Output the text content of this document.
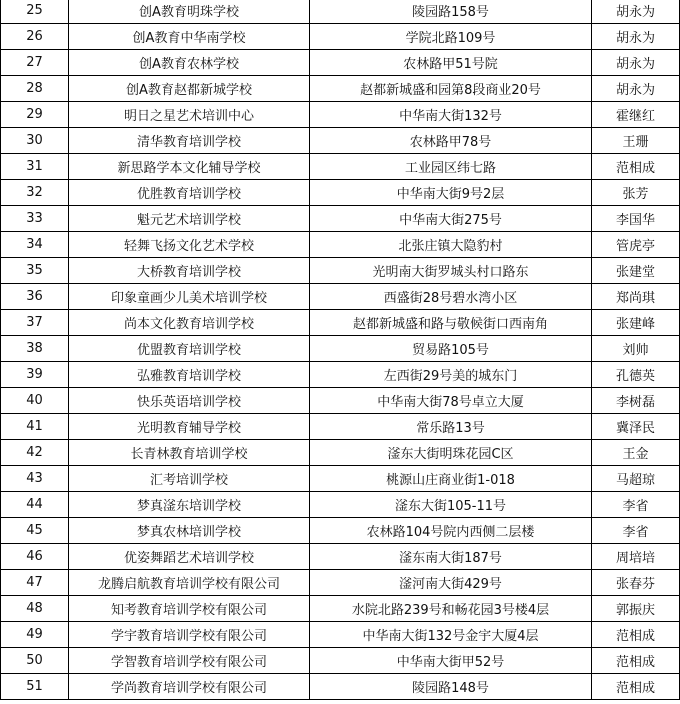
25	创A教育明珠学校	陵园路158号	胡永为
26	创A教育中华南学校	学院北路109号	胡永为
27	创A教育农林学校	农林路甲51号院	胡永为
28	创A教育赵都新城学校	赵都新城盛和园第8段商业20号	胡永为
29	明日之星艺术培训中心	中华南大街132号	霍继红
30	清华教育培训学校	农林路甲78号	王珊
31	新思路学本文化辅导学校	工业园区纬七路	范相成
32	优胜教育培训学校	中华南大街9号2层	张芳
33	魁元艺术培训学校	中华南大街275号	李国华
34	轻舞飞扬文化艺术学校	北张庄镇大隐豹村	管虎亭
35	大桥教育培训学校	光明南大街罗城头村口路东	张建堂
36	印象童画少儿美术培训学校	西盛街28号碧水湾小区	郑尚琪
37	尚本文化教育培训学校	赵都新城盛和路与敬候街口西南角	张建峰
38	优盟教育培训学校	贸易路105号	刘帅
39	弘雅教育培训学校	左西街29号美的城东门	孔德英
40	快乐英语培训学校	中华南大街78号卓立大厦	李树磊
41	光明教育辅导学校	常乐路13号	冀泽民
42	长青林教育培训学校	滏东大街明珠花园C区	王金
43	汇考培训学校	桃源山庄商业街1-018	马超琼
44	梦真滏东培训学校	滏东大街105-11号	李省
45	梦真农林培训学校	农林路104号院内西侧二层楼	李省
46	优姿舞蹈艺术培训学校	滏东南大街187号	周培培
47	龙腾启航教育培训学校有限公司	滏河南大街429号	张春芬
48	知考教育培训学校有限公司	水院北路239号和畅花园3号楼4层	郭振庆
49	学宇教育培训学校有限公司	中华南大街132号金宇大厦4层	范相成
50	学智教育培训学校有限公司	中华南大街甲52号	范相成
51	学尚教育培训学校有限公司	陵园路148号	范相成
